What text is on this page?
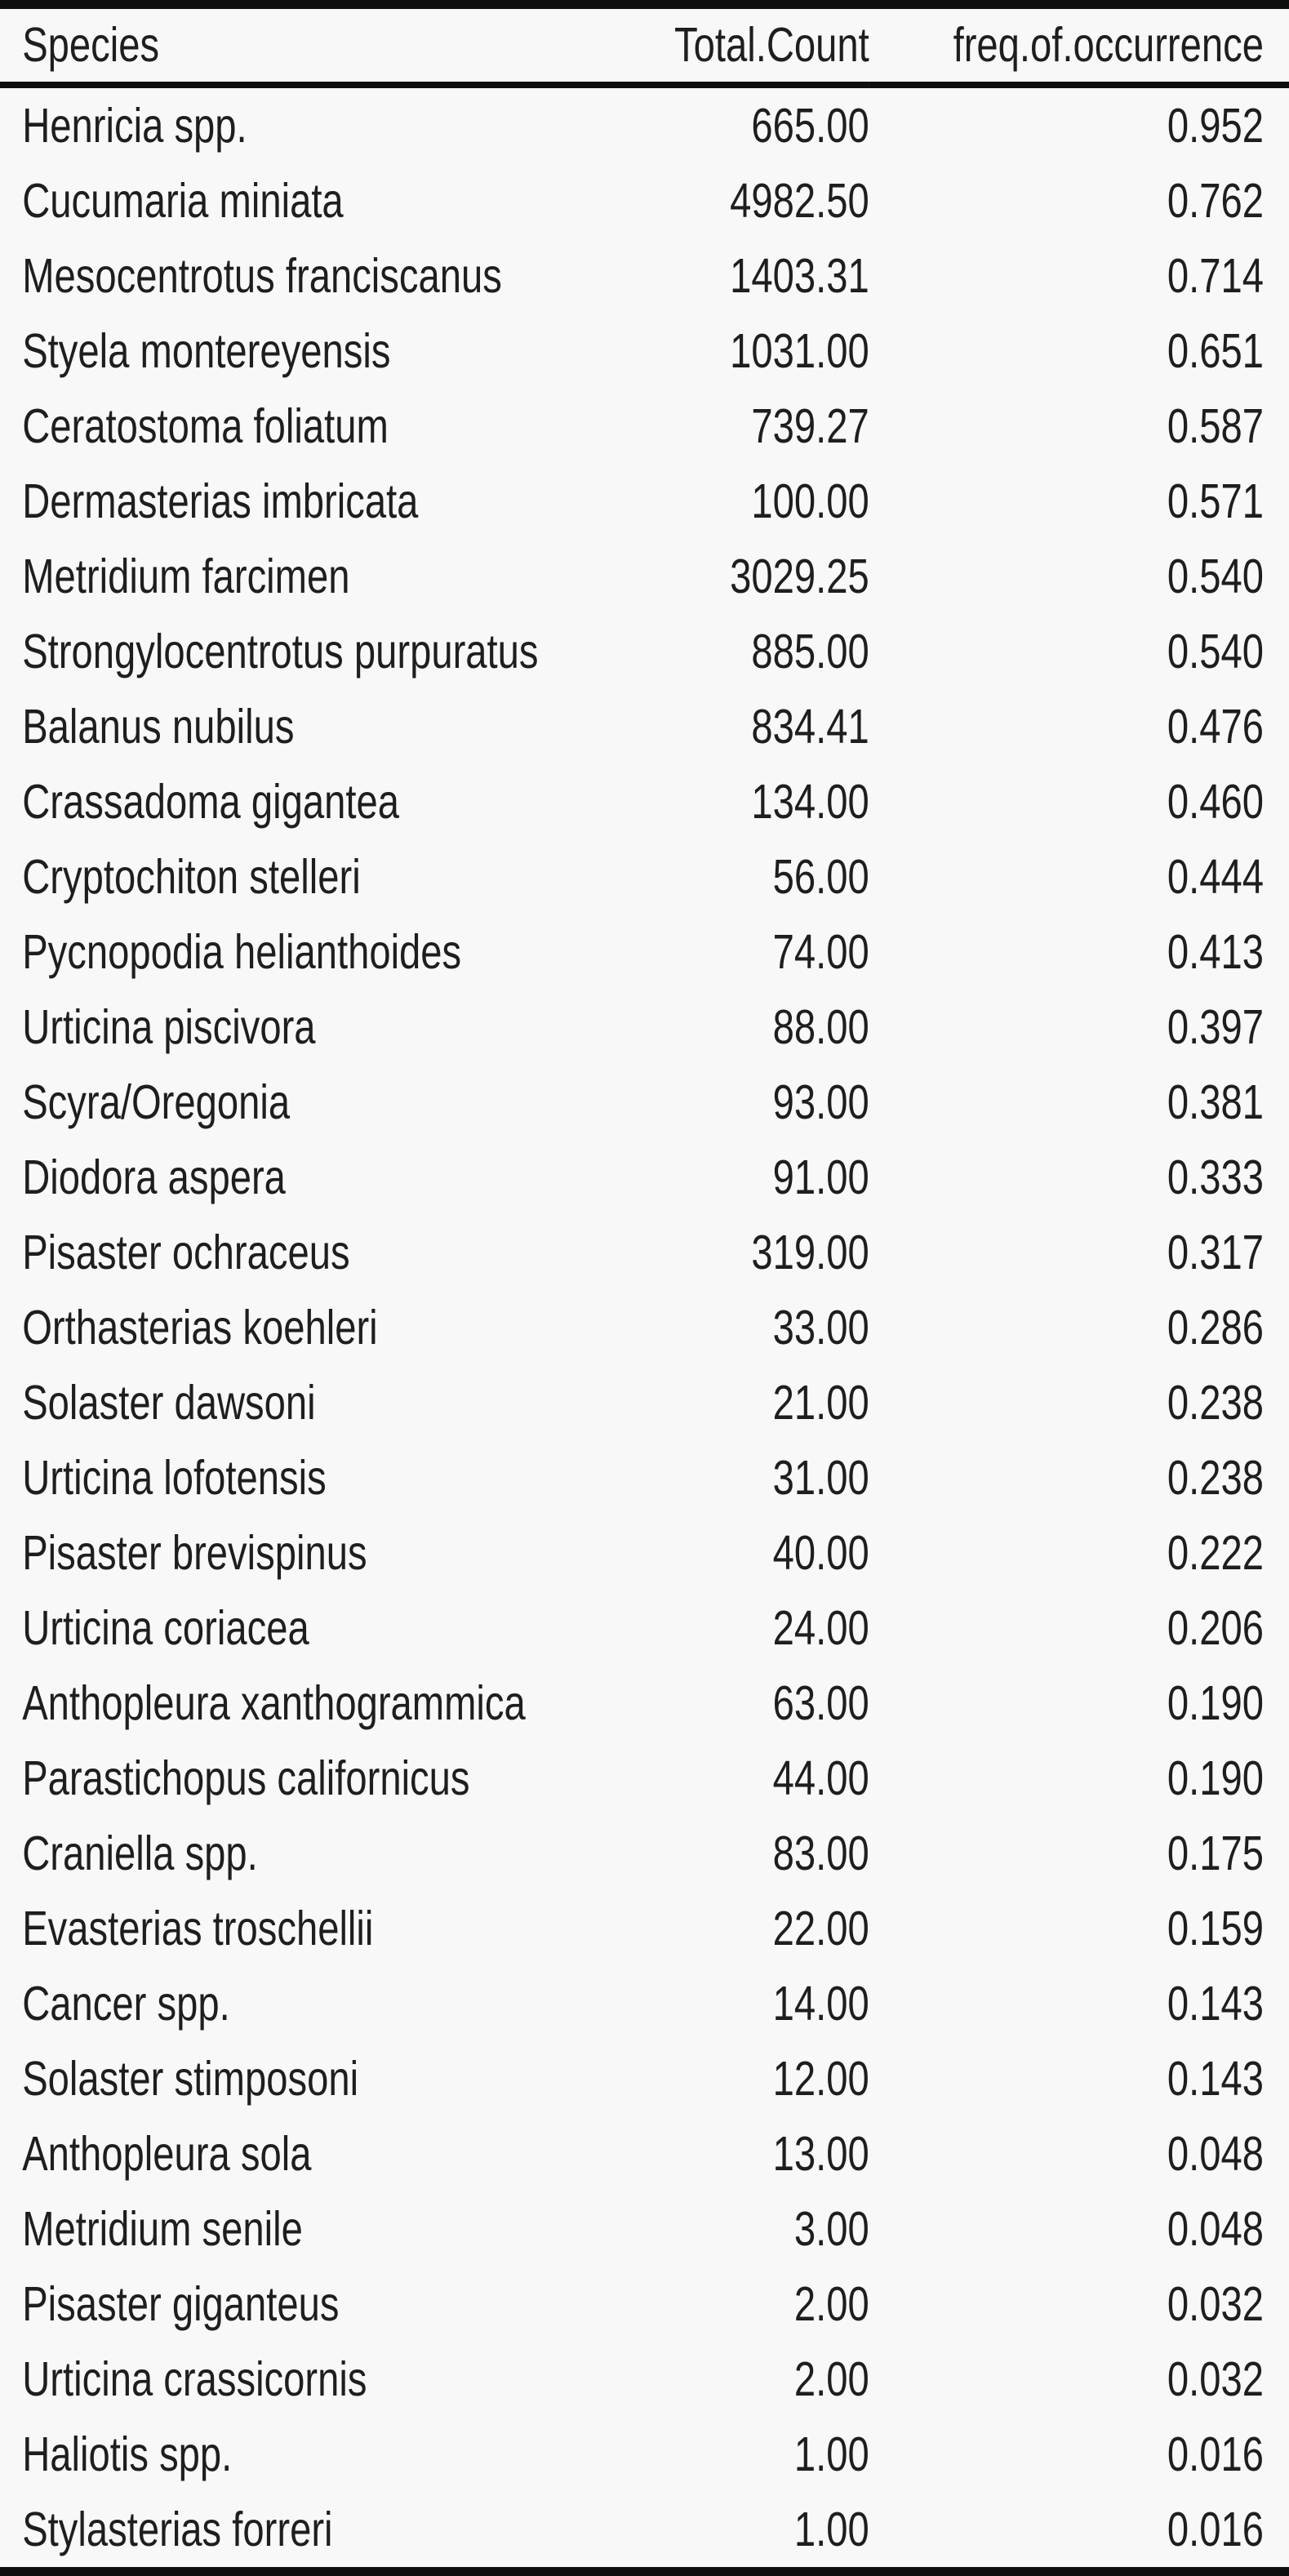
Species	Total.Count	freq.of.occurrence
Henricia spp.	665.00	0.952
Cucumaria miniata	4982.50	0.762
Mesocentrotus franciscanus	1403.31	0.714
Styela montereyensis	1031.00	0.651
Ceratostoma foliatum	739.27	0.587
Dermasterias imbricata	100.00	0.571
Metridium farcimen	3029.25	0.540
Strongylocentrotus purpuratus	885.00	0.540
Balanus nubilus	834.41	0.476
Crassadoma gigantea	134.00	0.460
Cryptochiton stelleri	56.00	0.444
Pycnopodia helianthoides	74.00	0.413
Urticina piscivora	88.00	0.397
Scyra/Oregonia	93.00	0.381
Diodora aspera	91.00	0.333
Pisaster ochraceus	319.00	0.317
Orthasterias koehleri	33.00	0.286
Solaster dawsoni	21.00	0.238
Urticina lofotensis	31.00	0.238
Pisaster brevispinus	40.00	0.222
Urticina coriacea	24.00	0.206
Anthopleura xanthogrammica	63.00	0.190
Parastichopus californicus	44.00	0.190
Craniella spp.	83.00	0.175
Evasterias troschellii	22.00	0.159
Cancer spp.	14.00	0.143
Solaster stimposoni	12.00	0.143
Anthopleura sola	13.00	0.048
Metridium senile	3.00	0.048
Pisaster giganteus	2.00	0.032
Urticina crassicornis	2.00	0.032
Haliotis spp.	1.00	0.016
Stylasterias forreri	1.00	0.016
